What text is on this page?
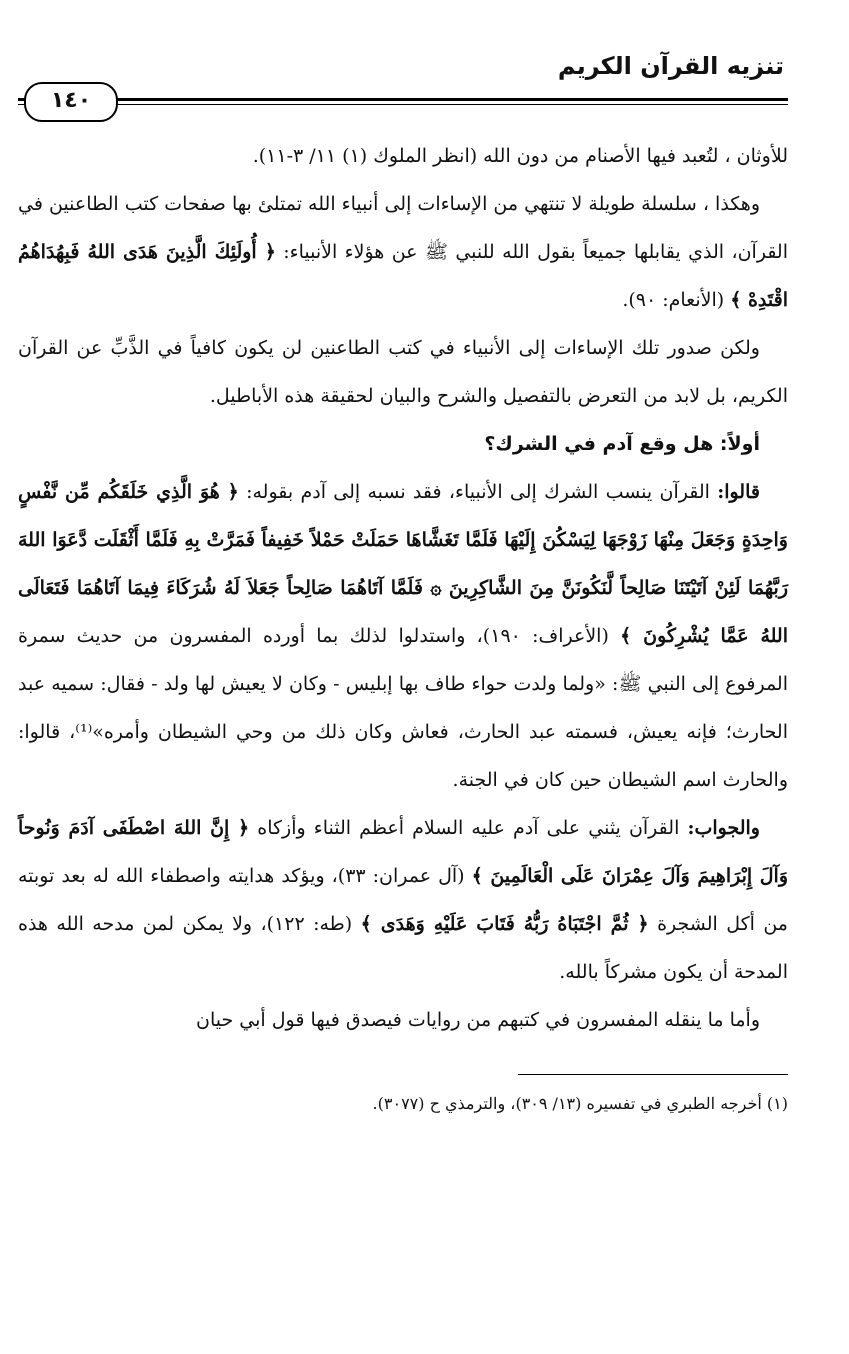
تنزيه القرآن الكريم
١٤٠

للأوثان ، لتُعبد فيها الأصنام من دون الله (انظر الملوك (١) ١١/ ٣-١١).

وهكذا ، سلسلة طويلة لا تنتهي من الإساءات إلى أنبياء الله تمتلئ بها صفحات كتب الطاعنين في القرآن، الذي يقابلها جميعاً بقول الله للنبي ﷺ عن هؤلاء الأنبياء: ﴿ أُولَئِكَ الَّذِينَ هَدَى اللهُ فَبِهُدَاهُمُ اقْتَدِهْ ﴾ (الأنعام: ٩٠).

ولكن صدور تلك الإساءات إلى الأنبياء في كتب الطاعنين لن يكون كافياً في الذَّبِّ عن القرآن الكريم، بل لابد من التعرض بالتفصيل والشرح والبيان لحقيقة هذه الأباطيل.

أولاً: هل وقع آدم في الشرك؟

قالوا: القرآن ينسب الشرك إلى الأنبياء، فقد نسبه إلى آدم بقوله: ﴿ هُوَ الَّذِي خَلَقَكُم مِّن نَّفْسٍ وَاحِدَةٍ وَجَعَلَ مِنْهَا زَوْجَهَا لِيَسْكُنَ إِلَيْهَا فَلَمَّا تَغَشَّاهَا حَمَلَتْ حَمْلاً خَفِيفاً فَمَرَّتْ بِهِ فَلَمَّا أَثْقَلَت دَّعَوَا اللهَ رَبَّهُمَا لَئِنْ آتَيْتَنَا صَالِحاً لَّنَكُونَنَّ مِنَ الشَّاكِرِينَ ۞ فَلَمَّا آتَاهُمَا صَالِحاً جَعَلاَ لَهُ شُرَكَاءَ فِيمَا آتَاهُمَا فَتَعَالَى اللهُ عَمَّا يُشْرِكُونَ ﴾ (الأعراف: ١٩٠)، واستدلوا لذلك بما أورده المفسرون من حديث سمرة المرفوع إلى النبي ﷺ: «ولما ولدت حواء طاف بها إبليس - وكان لا يعيش لها ولد - فقال: سميه عبد الحارث؛ فإنه يعيش، فسمته عبد الحارث، فعاش وكان ذلك من وحي الشيطان وأمره»⁽¹⁾، قالوا: والحارث اسم الشيطان حين كان في الجنة.

والجواب: القرآن يثني على آدم عليه السلام أعظم الثناء وأزكاه ﴿ إِنَّ اللهَ اصْطَفَى آدَمَ وَنُوحاً وَآلَ إِبْرَاهِيمَ وَآلَ عِمْرَانَ عَلَى الْعَالَمِينَ ﴾ (آل عمران: ٣٣)، ويؤكد هدايته واصطفاء الله له بعد توبته من أكل الشجرة ﴿ ثُمَّ اجْتَبَاهُ رَبُّهُ فَتَابَ عَلَيْهِ وَهَدَى ﴾ (طه: ١٢٢)، ولا يمكن لمن مدحه الله هذه المدحة أن يكون مشركاً بالله.

وأما ما ينقله المفسرون في كتبهم من روايات فيصدق فيها قول أبي حيان

(١) أخرجه الطبري في تفسيره (١٣/ ٣٠٩)، والترمذي ح (٣٠٧٧).
